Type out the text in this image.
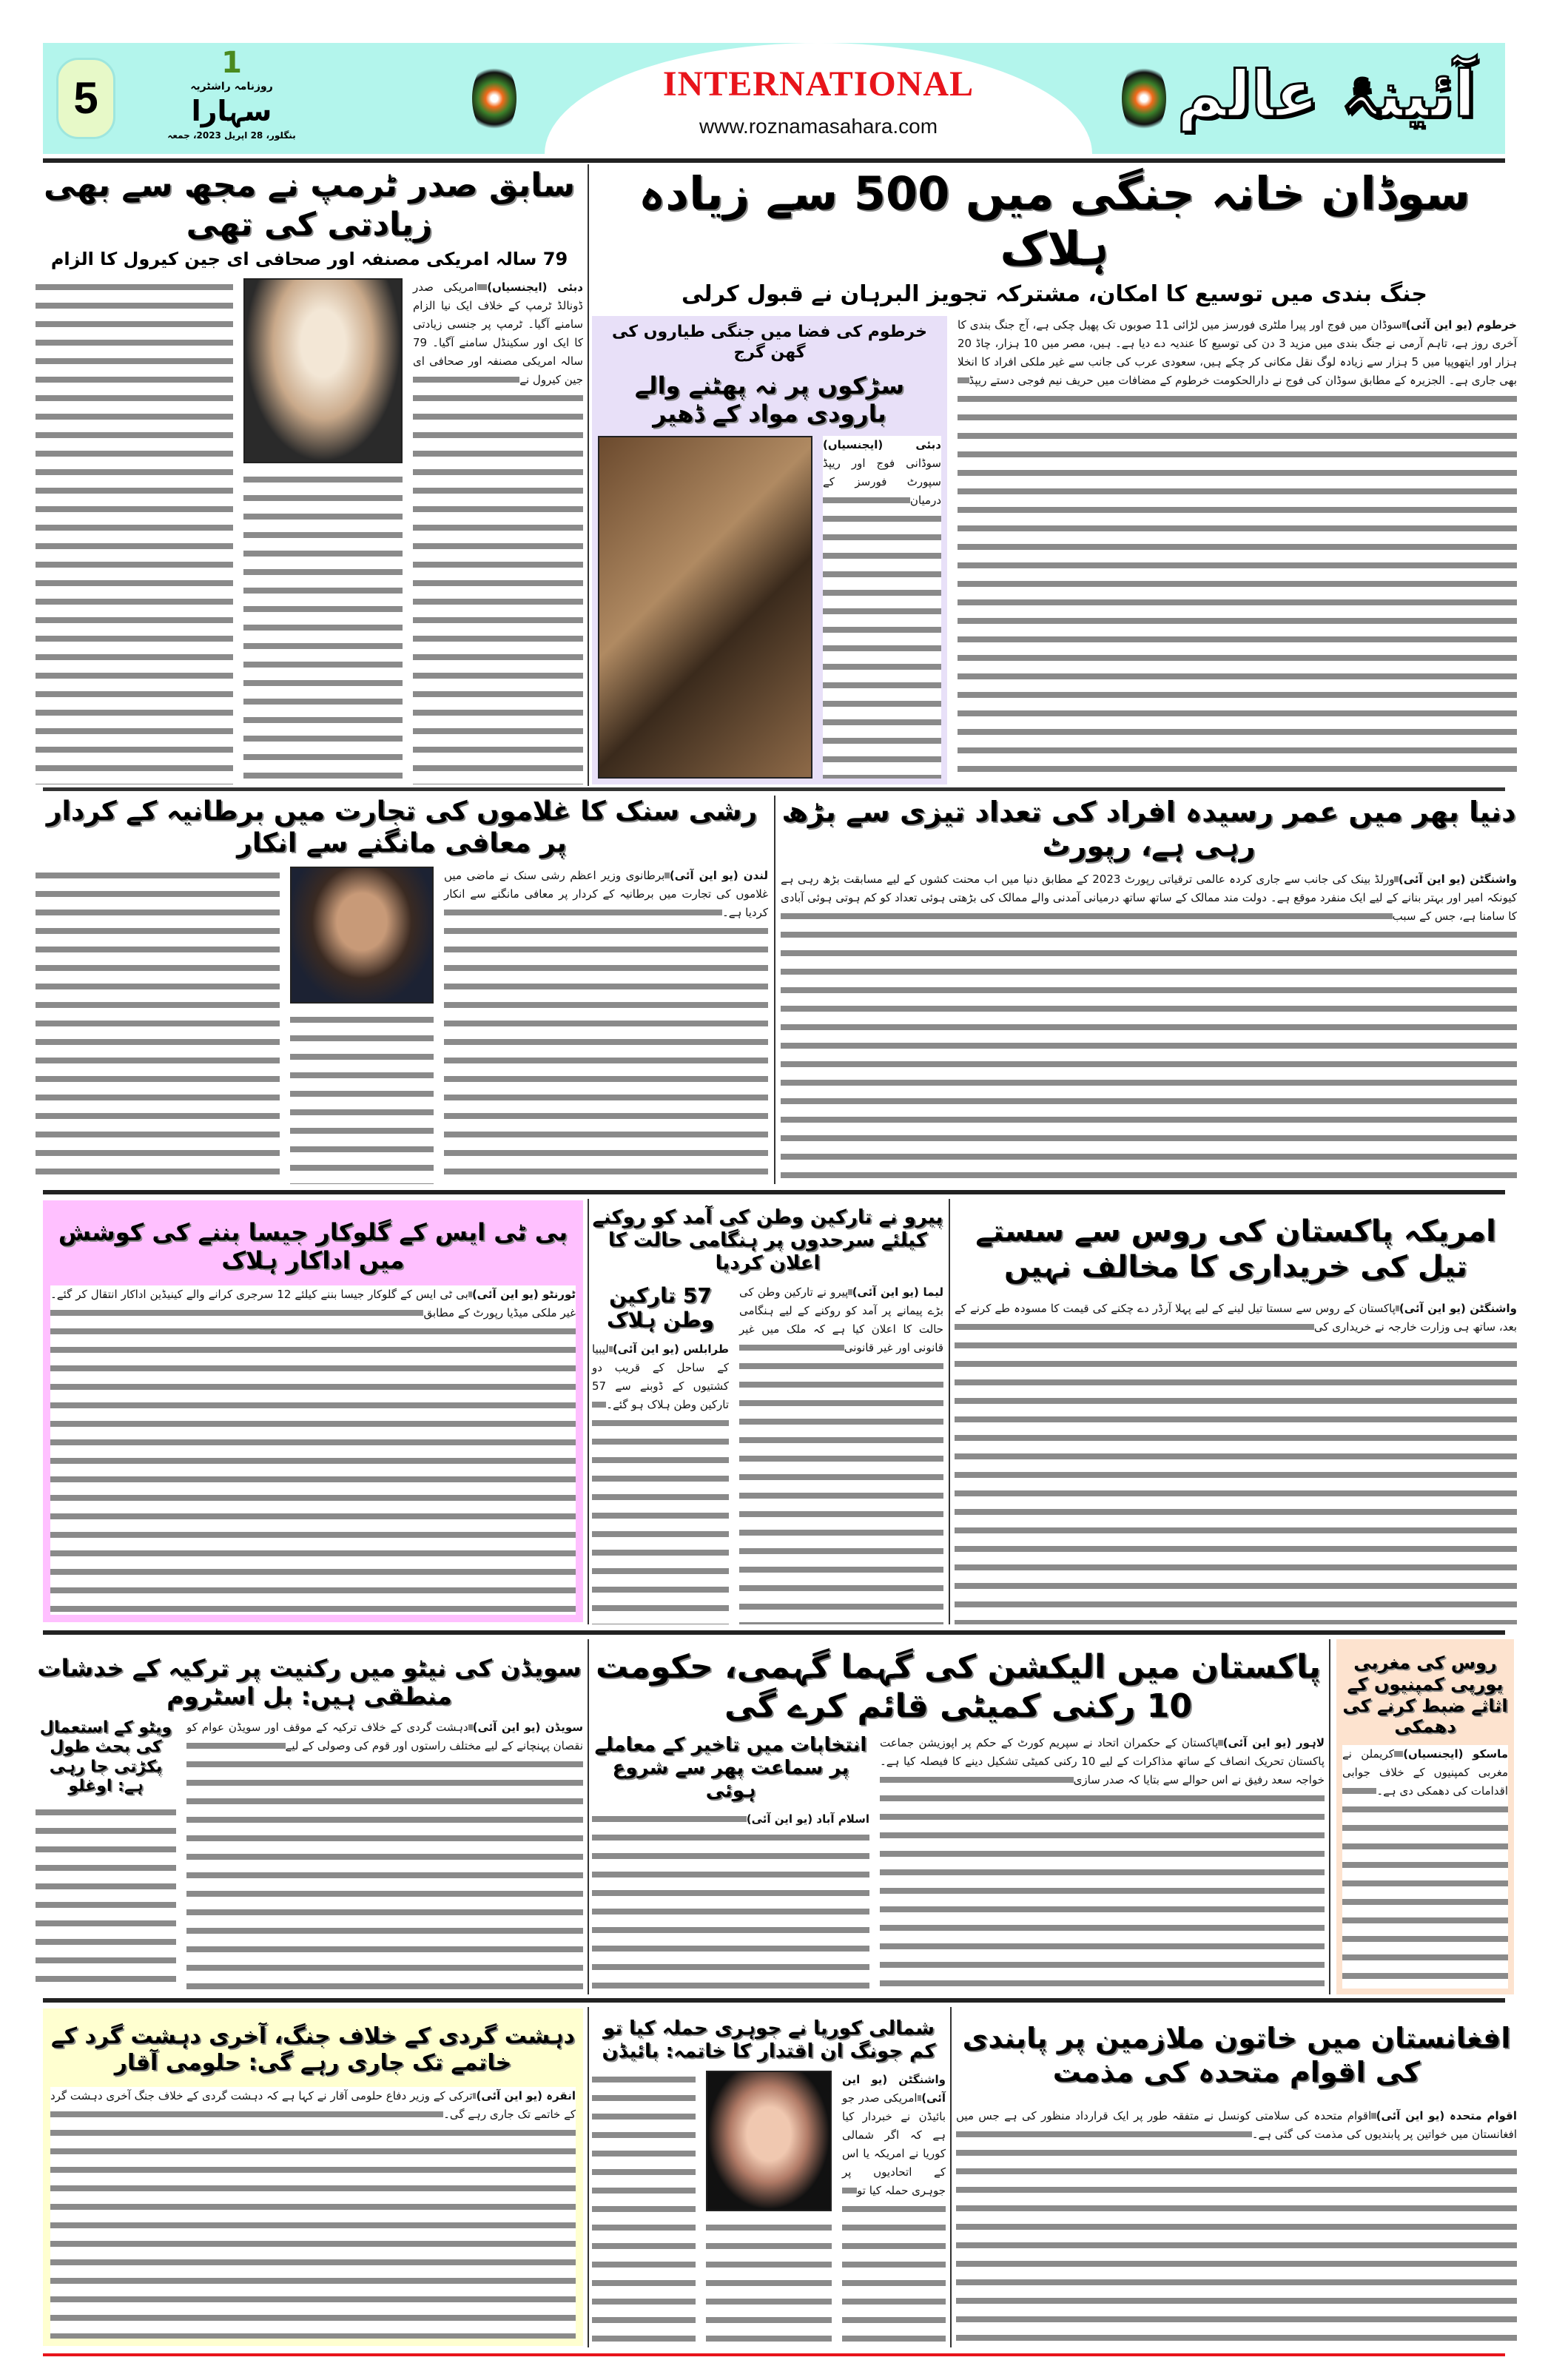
5
1
روزنامہ راشٹریہ
سہارا
بنگلور، 28 اپریل 2023، جمعہ
INTERNATIONAL
www.roznamasahara.com	آئینۂ عالم
سوڈان خانہ جنگی میں 500 سے زیادہ ہلاک
جنگ بندی میں توسیع کا امکان، مشترکہ تجویز البرہان نے قبول کرلی
خرطوم (یو این آئی) سوڈان میں فوج اور پیرا ملٹری فورسز میں لڑائی 11 صوبوں تک پھیل چکی ہے، آج جنگ بندی کا آخری روز ہے، تاہم آرمی نے جنگ بندی میں مزید 3 دن کی توسیع کا عندیہ دے دیا ہے۔ ہیں، مصر میں 10 ہزار، چاڈ 20 ہزار اور ایتھوپیا میں 5 ہزار سے زیادہ لوگ نقل مکانی کر چکے ہیں، سعودی عرب کی جانب سے غیر ملکی افراد کا انخلا بھی جاری ہے۔ الجزیرہ کے مطابق سوڈان کی فوج نے دارالحکومت خرطوم کے مضافات میں حریف نیم فوجی دستے ریپڈ
خرطوم کی فضا میں جنگی طیاروں کی گھن گرج
سڑکوں پر نہ پھٹنے والے بارودی مواد کے ڈھیر
دبئی (ایجنسیاں) سوڈانی فوج اور ریپڈ سپورٹ فورسز کے درمیان
سابق صدر ٹرمپ نے مجھ سے بھی زیادتی کی تھی
79 سالہ امریکی مصنفہ اور صحافی ای جین کیرول کا الزام
دبئی (ایجنسیاں) امریکی صدر ڈونالڈ ٹرمپ کے خلاف ایک نیا الزام سامنے آگیا۔ ٹرمپ پر جنسی زیادتی کا ایک اور سکینڈل سامنے آگیا۔ 79 سالہ امریکی مصنفہ اور صحافی ای جین کیرول نے
دنیا بھر میں عمر رسیدہ افراد کی تعداد تیزی سے بڑھ رہی ہے، رپورٹ
واشنگٹن (یو این آئی) ورلڈ بینک کی جانب سے جاری کردہ عالمی ترقیاتی رپورٹ 2023 کے مطابق دنیا میں اب محنت کشوں کے لیے مسابقت بڑھ رہی ہے کیونکہ امیر اور بہتر بنانے کے لیے ایک منفرد موقع ہے۔ دولت مند ممالک کے ساتھ ساتھ درمیانی آمدنی والے ممالک کی بڑھتی ہوئی تعداد کو کم ہوتی ہوئی آبادی کا سامنا ہے، جس کے سبب
رشی سنک کا غلاموں کی تجارت میں برطانیہ کے کردار پر معافی مانگنے سے انکار
لندن (یو این آئی) برطانوی وزیر اعظم رشی سنک نے ماضی میں غلاموں کی تجارت میں برطانیہ کے کردار پر معافی مانگنے سے انکار کردیا ہے۔
امریکہ پاکستان کی روس سے سستے تیل کی خریداری کا مخالف نہیں
واشنگٹن (یو این آئی) پاکستان کے روس سے سستا تیل لینے کے لیے پہلا آرڈر دے چکنے کی قیمت کا مسودہ طے کرنے کے بعد، ساتھ ہی وزارت خارجہ نے خریداری کی
پیرو نے تارکین وطن کی آمد کو روکنے کیلئے سرحدوں پر ہنگامی حالت کا اعلان کردیا
لیما (یو این آئی) پیرو نے تارکین وطن کی بڑے پیمانے پر آمد کو روکنے کے لیے ہنگامی حالت کا اعلان کیا ہے کہ ملک میں غیر قانونی اور غیر قانونی
57 تارکین وطن ہلاک
طرابلس (یو این آئی) لیبیا کے ساحل کے قریب دو کشتیوں کے ڈوبنے سے 57 تارکین وطن ہلاک ہو گئے۔
بی ٹی ایس کے گلوکار جیسا بننے کی کوشش میں اداکار ہلاک
ٹورنٹو (یو این آئی) بی ٹی ایس کے گلوکار جیسا بننے کیلئے 12 سرجری کرانے والے کینیڈین اداکار انتقال کر گئے۔ غیر ملکی میڈیا رپورٹ کے مطابق
روس کی مغربی یورپی کمپنیوں کے اثاثے ضبط کرنے کی دھمکی
ماسکو (ایجنسیاں) کریملن نے مغربی کمپنیوں کے خلاف جوابی اقدامات کی دھمکی دی ہے۔
پاکستان میں الیکشن کی گہما گہمی، حکومت 10 رکنی کمیٹی قائم کرے گی
لاہور (یو این آئی) پاکستان کے حکمران اتحاد نے سپریم کورٹ کے حکم پر اپوزیشن جماعت پاکستان تحریک انصاف کے ساتھ مذاکرات کے لیے 10 رکنی کمیٹی تشکیل دینے کا فیصلہ کیا ہے۔ خواجہ سعد رفیق نے اس حوالے سے بتایا کہ صدر سازی
انتخابات میں تاخیر کے معاملے پر سماعت پھر سے شروع ہوئی
اسلام آباد (یو این آئی)
سویڈن کی نیٹو میں رکنیت پر ترکیہ کے خدشات منطقی ہیں: بل اسٹروم
سویڈن (یو این آئی) دہشت گردی کے خلاف ترکیہ کے موقف اور سویڈن عوام کو نقصان پہنچانے کے لیے مختلف راستوں اور قوم کی وصولی کے لیے
ویٹو کے استعمال کی بحث طول پکڑتی جا رہی ہے: اوغلو
افغانستان میں خاتون ملازمین پر پابندی کی اقوام متحدہ کی مذمت
اقوام متحدہ (یو این آئی) اقوام متحدہ کی سلامتی کونسل نے متفقہ طور پر ایک قرارداد منظور کی ہے جس میں افغانستان میں خواتین پر پابندیوں کی مذمت کی گئی ہے۔
شمالی کوریا نے جوہری حملہ کیا تو کم جونگ ان اقتدار کا خاتمہ: بائیڈن
واشنگٹن (یو این آئی) امریکی صدر جو بائیڈن نے خبردار کیا ہے کہ اگر شمالی کوریا نے امریکہ یا اس کے اتحادیوں پر جوہری حملہ کیا تو
دہشت گردی کے خلاف جنگ، آخری دہشت گرد کے خاتمے تک جاری رہے گی: حلومی آقار
انقرہ (یو این آئی) ترکی کے وزیر دفاع حلومی آقار نے کہا ہے کہ دہشت گردی کے خلاف جنگ آخری دہشت گرد کے خاتمے تک جاری رہے گی۔
